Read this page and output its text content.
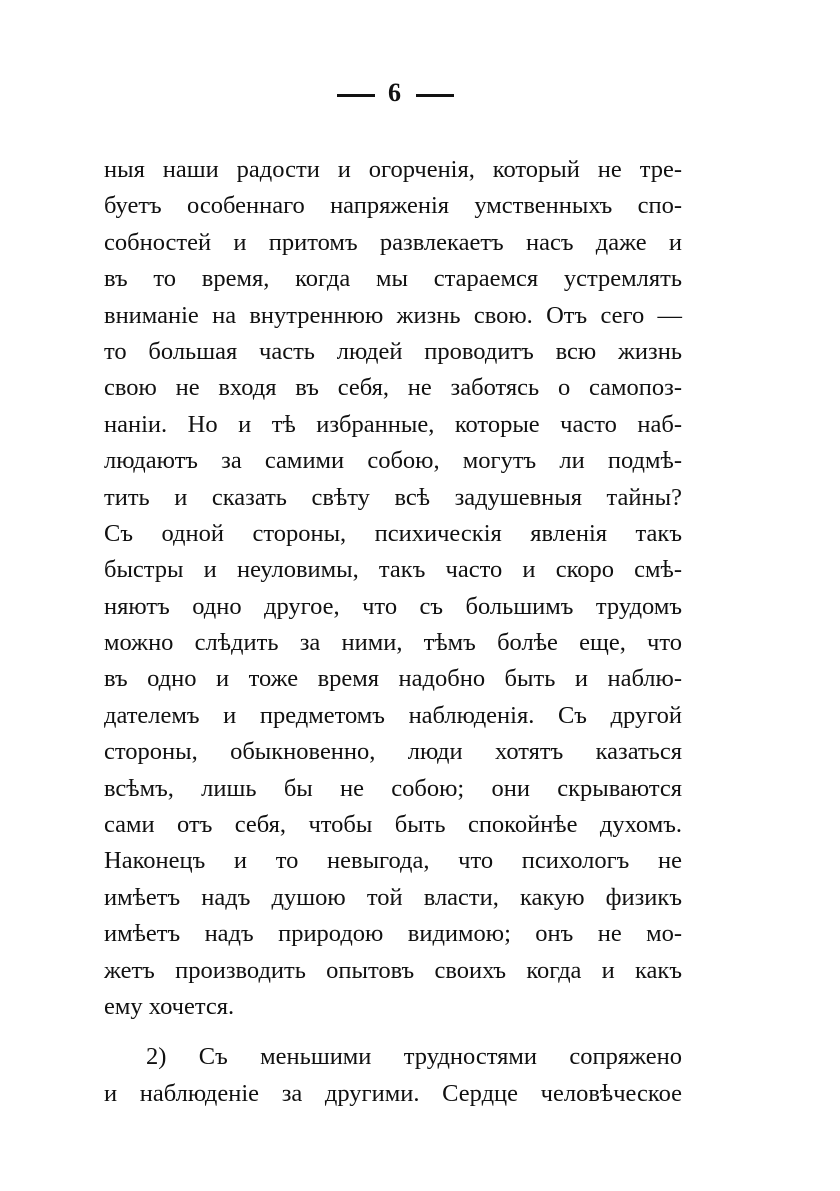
6
ныя наши радости и огорченія, который не тре-
буетъ особеннаго напряженія умственныхъ спо-
собностей и притомъ развлекаетъ насъ даже и
въ то время, когда мы стараемся устремлять
вниманіе на внутреннюю жизнь свою. Отъ сего —
то большая часть людей проводитъ всю жизнь
свою не входя въ себя, не заботясь о самопоз-
наніи. Но и тѣ избранные, которые часто наб-
людаютъ за самими собою, могутъ ли подмѣ-
тить и сказать свѣту всѣ задушевныя тайны?
Съ одной стороны, психическія явленія такъ
быстры и неуловимы, такъ часто и скоро смѣ-
няютъ одно другое, что съ большимъ трудомъ
можно слѣдить за ними, тѣмъ болѣе еще, что
въ одно и тоже время надобно быть и наблю-
дателемъ и предметомъ наблюденія. Съ другой
стороны, обыкновенно, люди хотятъ казаться
всѣмъ, лишь бы не собою; они скрываются
сами отъ себя, чтобы быть спокойнѣе духомъ.
Наконецъ и то невыгода, что психологъ не
имѣетъ надъ душою той власти, какую физикъ
имѣетъ надъ природою видимою; онъ не мо-
жетъ производить опытовъ своихъ когда и какъ
ему хочется.
2) Съ меньшими трудностями сопряжено
и наблюденіе за другими. Сердце человѣческое
